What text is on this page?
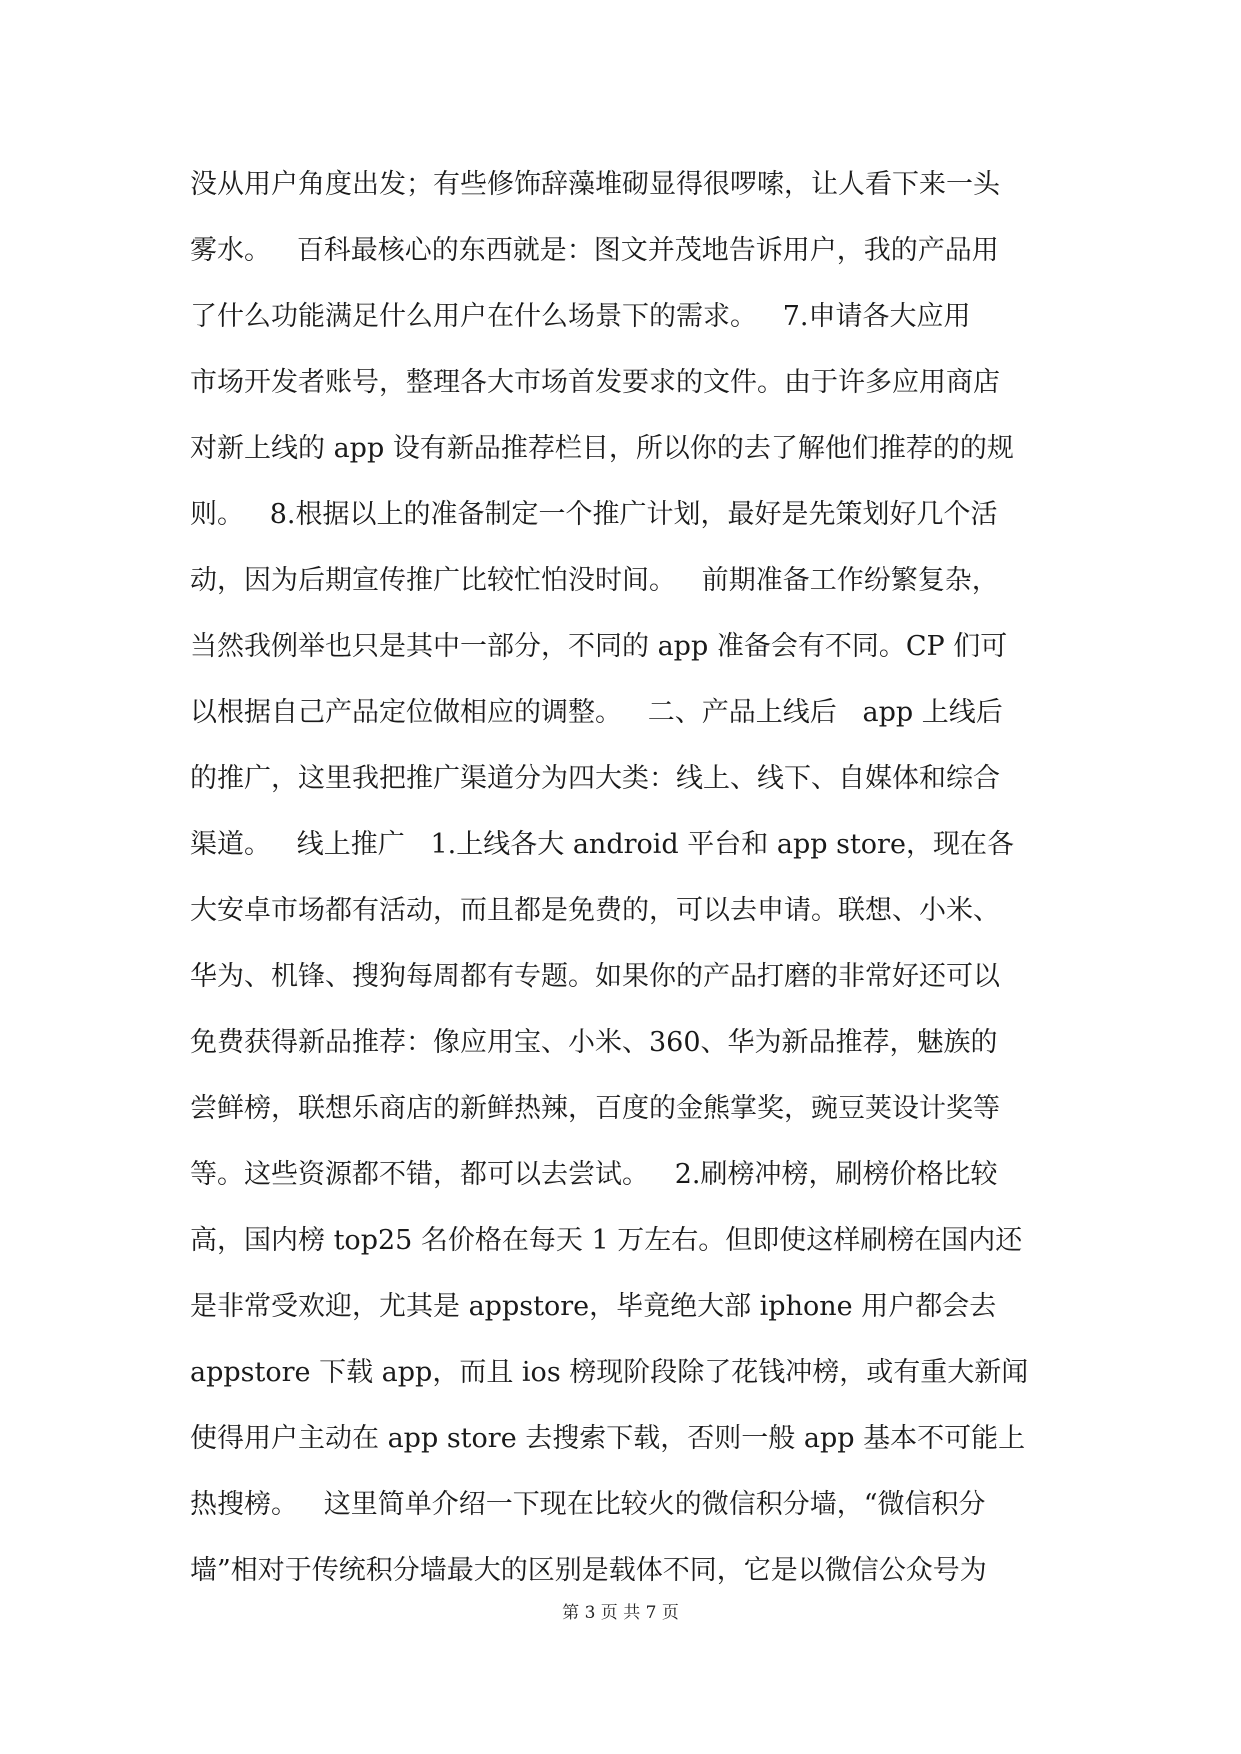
没从用户角度出发；有些修饰辞藻堆砌显得很啰嗦，让人看下来一头
雾水。   百科最核心的东西就是：图文并茂地告诉用户，我的产品用
了什么功能满足什么用户在什么场景下的需求。   7.申请各大应用
市场开发者账号，整理各大市场首发要求的文件。由于许多应用商店
对新上线的 app 设有新品推荐栏目，所以你的去了解他们推荐的的规
则。   8.根据以上的准备制定一个推广计划，最好是先策划好几个活
动，因为后期宣传推广比较忙怕没时间。   前期准备工作纷繁复杂，
当然我例举也只是其中一部分，不同的 app 准备会有不同。CP 们可
以根据自己产品定位做相应的调整。   二、产品上线后   app 上线后
的推广，这里我把推广渠道分为四大类：线上、线下、自媒体和综合
渠道。   线上推广   1.上线各大 android 平台和 app store，现在各
大安卓市场都有活动，而且都是免费的，可以去申请。联想、小米、
华为、机锋、搜狗每周都有专题。如果你的产品打磨的非常好还可以
免费获得新品推荐：像应用宝、小米、360、华为新品推荐，魅族的
尝鲜榜，联想乐商店的新鲜热辣，百度的金熊掌奖，豌豆荚设计奖等
等。这些资源都不错，都可以去尝试。   2.刷榜冲榜，刷榜价格比较
高，国内榜 top25 名价格在每天 1 万左右。但即使这样刷榜在国内还
是非常受欢迎，尤其是 appstore，毕竟绝大部 iphone 用户都会去
appstore 下载 app，而且 ios 榜现阶段除了花钱冲榜，或有重大新闻
使得用户主动在 app store 去搜索下载，否则一般 app 基本不可能上
热搜榜。   这里简单介绍一下现在比较火的微信积分墙，“微信积分
墙”相对于传统积分墙最大的区别是载体不同，它是以微信公众号为
第 3 页 共 7 页
